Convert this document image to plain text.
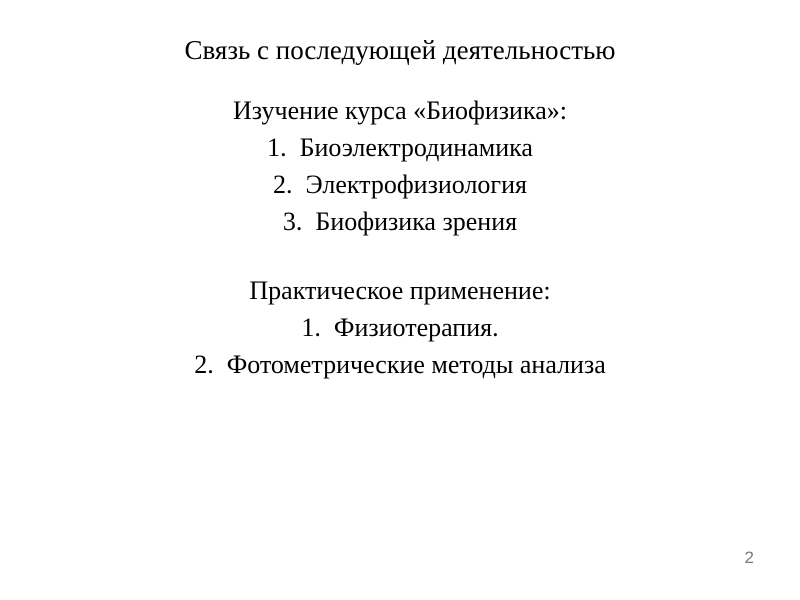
Связь с последующей деятельностью
Изучение курса «Биофизика»:
1. Биоэлектродинамика
2. Электрофизиология
3. Биофизика зрения
Практическое применение:
1. Физиотерапия.
2. Фотометрические методы анализа
2
